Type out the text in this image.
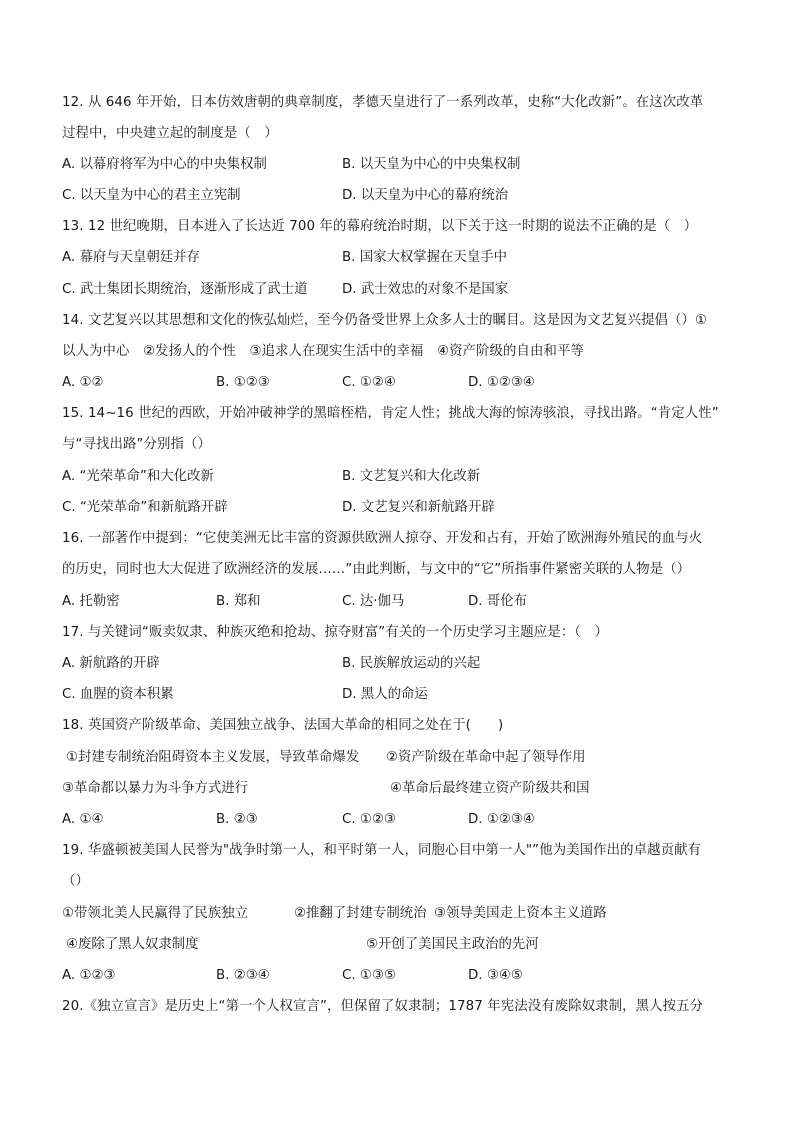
12. 从 646 年开始，日本仿效唐朝的典章制度，孝德天皇进行了一系列改革，史称“大化改新”。在这次改革
过程中，中央建立起的制度是（　）
A. 以幕府将军为中心的中央集权制	B. 以天皇为中心的中央集权制
C. 以天皇为中心的君主立宪制	D. 以天皇为中心的幕府统治
13. 12 世纪晚期，日本进入了长达近 700 年的幕府统治时期，以下关于这一时期的说法不正确的是（　）
A. 幕府与天皇朝廷并存	B. 国家大权掌握在天皇手中
C. 武士集团长期统治，逐渐形成了武士道	D. 武士效忠的对象不是国家
14. 文艺复兴以其思想和文化的恢弘灿烂，至今仍备受世界上众多人士的瞩目。这是因为文艺复兴提倡（）①
以人为中心　②发扬人的个性　③追求人在现实生活中的幸福　④资产阶级的自由和平等
A. ①②	B. ①②③	C. ①②④	D. ①②③④
15. 14~16 世纪的西欧，开始冲破神学的黑暗桎梏，肯定人性；挑战大海的惊涛骇浪，寻找出路。“肯定人性”
与“寻找出路”分别指（）
A. “光荣革命”和大化改新	B. 文艺复兴和大化改新
C. “光荣革命”和新航路开辟	D. 文艺复兴和新航路开辟
16. 一部著作中提到：“它使美洲无比丰富的资源供欧洲人掠夺、开发和占有，开始了欧洲海外殖民的血与火
的历史，同时也大大促进了欧洲经济的发展……”由此判断，与文中的“它”所指事件紧密关联的人物是（）
A. 托勒密	B. 郑和	C. 达·伽马	D. 哥伦布
17. 与关键词“贩卖奴隶、种族灭绝和抢劫、掠夺财富”有关的一个历史学习主题应是：（　）
A. 新航路的开辟	B. 民族解放运动的兴起
C. 血腥的资本积累	D. 黑人的命运
18. 英国资产阶级革命、美国独立战争、法国大革命的相同之处在于(　　)
①封建专制统治阻碍资本主义发展，导致革命爆发 ②资产阶级在革命中起了领导作用
③革命都以暴力为斗争方式进行	④革命后最终建立资产阶级共和国
A. ①④	B. ②③	C. ①②③	D. ①②③④
19. 华盛顿被美国人民誉为"战争时第一人，和平时第一人，同胞心目中第一人"”他为美国作出的卓越贡献有
（）
①带领北美人民赢得了民族独立	②推翻了封建专制统治 ③领导美国走上资本主义道路
④废除了黑人奴隶制度	⑤开创了美国民主政治的先河
A. ①②③	B. ②③④	C. ①③⑤	D. ③④⑤
20.《独立宣言》是历史上“第一个人权宣言”，但保留了奴隶制；1787 年宪法没有废除奴隶制，黑人按五分
